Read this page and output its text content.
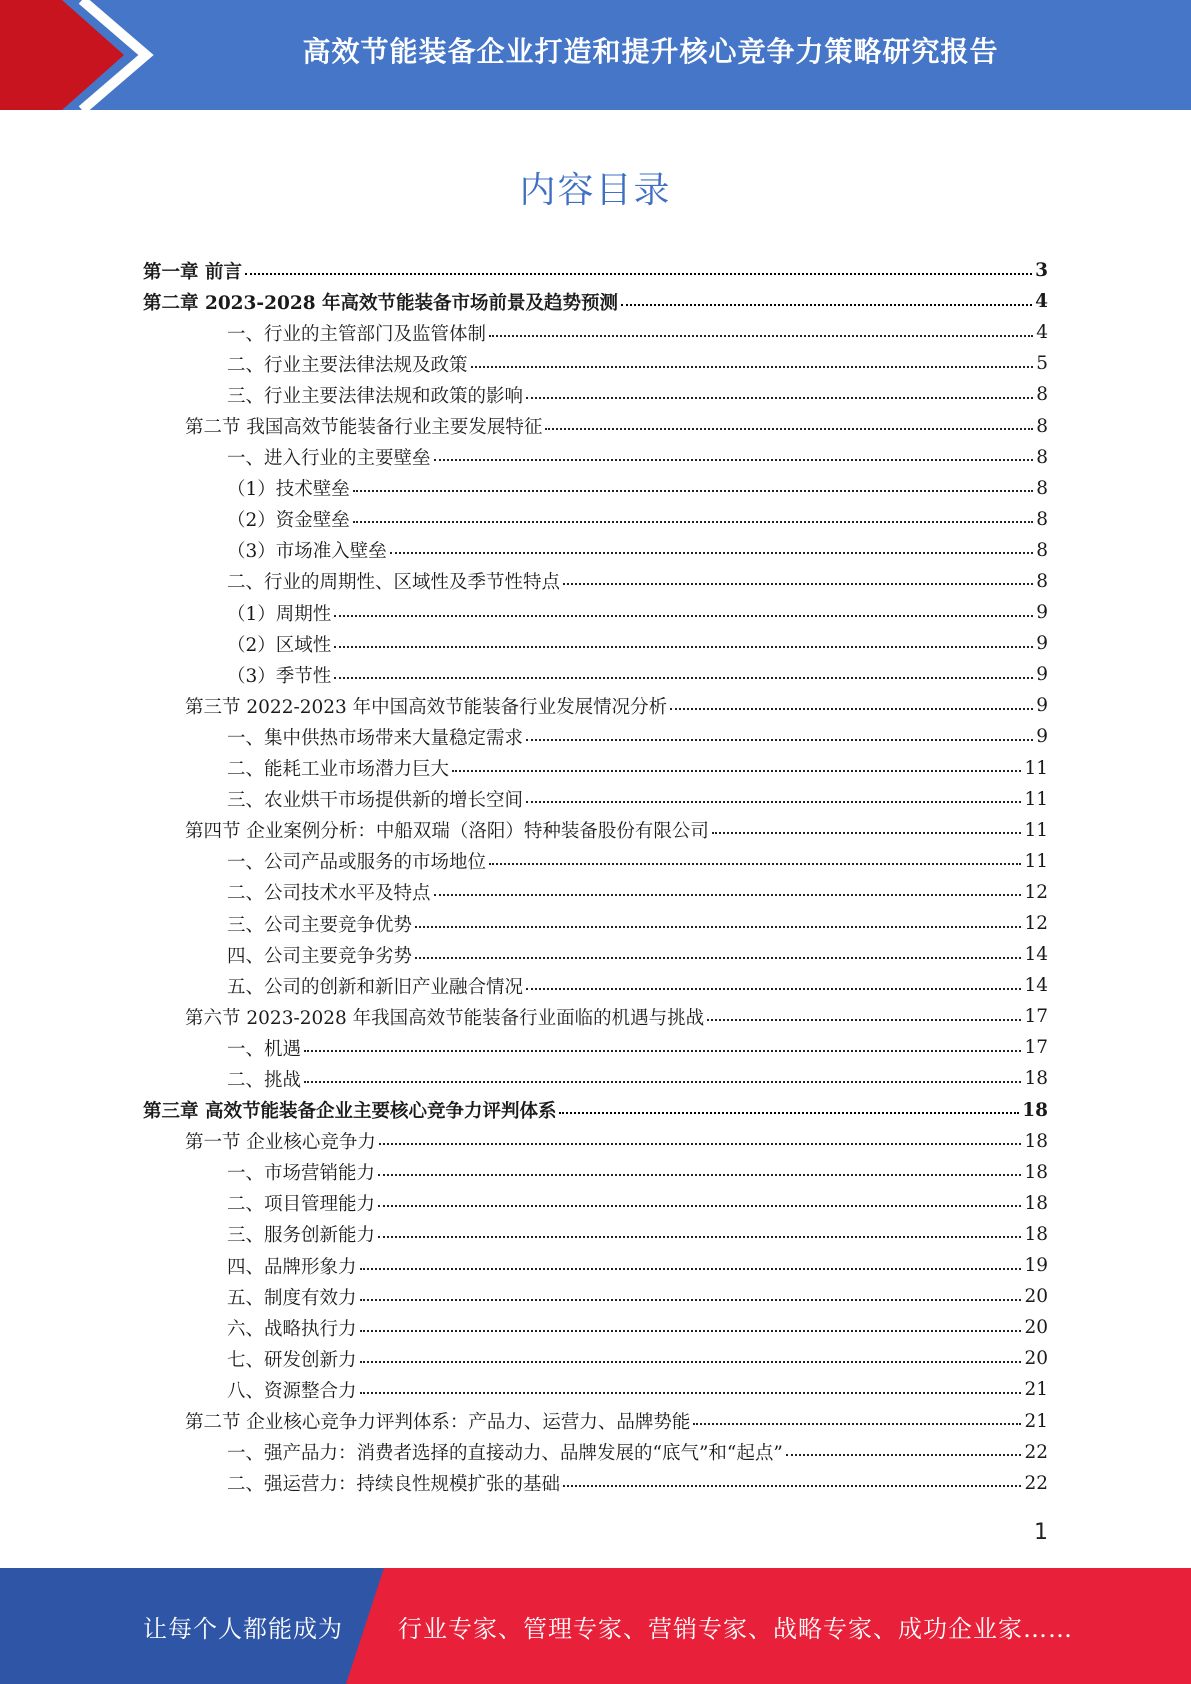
高效节能装备企业打造和提升核心竞争力策略研究报告
内容目录
第一章 前言	3
第二章 2023-2028 年高效节能装备市场前景及趋势预测	4
一、行业的主管部门及监管体制	4
二、行业主要法律法规及政策	5
三、行业主要法律法规和政策的影响	8
第二节 我国高效节能装备行业主要发展特征	8
一、进入行业的主要壁垒	8
（1）技术壁垒	8
（2）资金壁垒	8
（3）市场准入壁垒	8
二、行业的周期性、区域性及季节性特点	8
（1）周期性	9
（2）区域性	9
（3）季节性	9
第三节 2022-2023 年中国高效节能装备行业发展情况分析	9
一、集中供热市场带来大量稳定需求	9
二、能耗工业市场潜力巨大	11
三、农业烘干市场提供新的增长空间	11
第四节 企业案例分析：中船双瑞（洛阳）特种装备股份有限公司	11
一、公司产品或服务的市场地位	11
二、公司技术水平及特点	12
三、公司主要竞争优势	12
四、公司主要竞争劣势	14
五、公司的创新和新旧产业融合情况	14
第六节 2023-2028 年我国高效节能装备行业面临的机遇与挑战	17
一、机遇	17
二、挑战	18
第三章 高效节能装备企业主要核心竞争力评判体系	18
第一节 企业核心竞争力	18
一、市场营销能力	18
二、项目管理能力	18
三、服务创新能力	18
四、品牌形象力	19
五、制度有效力	20
六、战略执行力	20
七、研发创新力	20
八、资源整合力	21
第二节 企业核心竞争力评判体系：产品力、运营力、品牌势能	21
一、强产品力：消费者选择的直接动力、品牌发展的“底气”和“起点”	22
二、强运营力：持续良性规模扩张的基础	22
1
让每个人都能成为 行业专家、管理专家、营销专家、战略专家、成功企业家……
